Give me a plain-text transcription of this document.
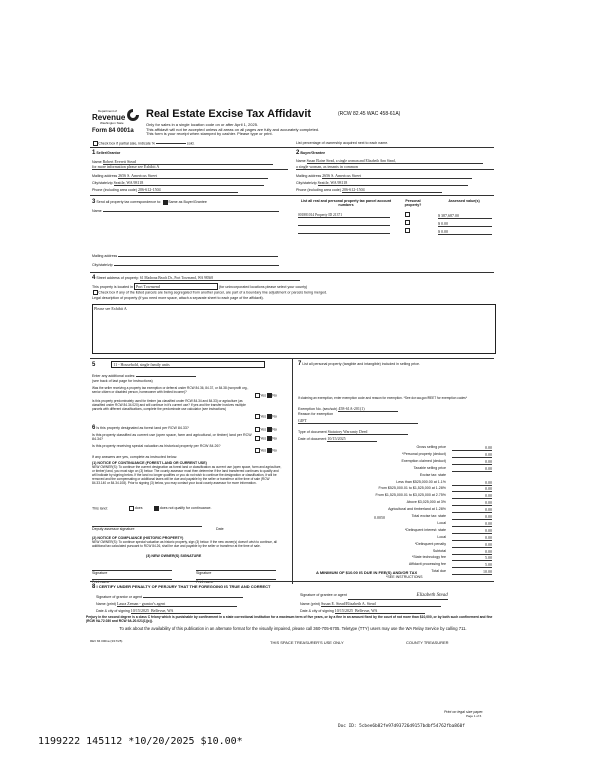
Department of
Revenue
Washington State
Form 84 0001a
Real Estate Excise Tax Affidavit	(RCW 82.45 WAC 458-61A)
Only for sales in a single location code on or after April 1, 2025.
This affidavit will not be accepted unless all areas on all pages are fully and accurately completed.
This form is your receipt when stamped by cashier. Please type or print.
Check box if partial sale, indicate %	sold.	List percentage of ownership acquired next to each name.
1 Seller/Grantor
Name Robert Everett Stead
for more information please see Exhibit A
Mailing address 2656 S. Americus Street
City/state/zip Seattle, WA 98118
Phone (including area code) 206-612-1504
2 Buyer/Grantee
Name Susan Elaine Stead, a single woman and Elizabeth Ann Stead,
a single woman, as tenants in common
Mailing address 2656 S. Americus Street
City/state/zip Seattle, WA 98118
Phone (including area code) 206-612-1504
3 Send all property tax correspondence to: Same as Buyer/Grantee
Name
Mailing address
City/state/zip
List all real and personal property tax parcel account numbers
Personal property?
Assessed value(s)
001881014 Property ID 21371	$ 387,687.00
$ 0.00
$ 0.00
4 Street address of property: 61 Madrona Beach Dr., Port Townsend, WA 98368
This property is located in Port Townsend	(for unincorporated locations please select your county)
Check box if any of the listed parcels are being segregated from another parcel, are part of a boundary line adjustment or parcels being merged.
Legal description of property (if you need more space, attach a separate sheet to each page of the affidavit).
Please see Exhibit A
5	11 - Household, single family units
Enter any additional codes:
(see back of last page for instructions)
Was the seller receiving a property tax exemption or deferral under RCW 84.36, 84.37, or 84.38 (nonprofit org., senior citizen or disabled person, homeowner with limited income)?
Yes No
Is this property predominately used for timber (as classified under RCW 84.34 and 84.33) or agriculture (as classified under RCW 84.34.020) and will continue in it's current use? If yes and the transfer involves multiple parcels with different classifications, complete the predominate use calculator (see instructions)
Yes No
6 Is this property designated as forest land per RCW 84.33?	Yes No
Is this property classified as current use (open space, farm and agricultural, or timber) land per RCW 84.34?	Yes No
Is this property receiving special valuation as historical property per RCW 84.26?
Yes No
If any answers are yes, complete as instructed below.
(1) NOTICE OF CONTINUANCE (FOREST LAND OR CURRENT USE)
NEW OWNER(S): To continue the current designation as forest land or classification as current use (open space, farm and agriculture, or timber) land, you must sign on (3) below. The county assessor must then determine if the land transferred continues to qualify and will indicate by signing below. If the land no longer qualifies or you do not wish to continue the designation or classification, it will be removed and the compensating or additional taxes will be due and payable by the seller or transferor at the time of sale (RCW 84.33.140 or 84.34.108). Prior to signing (3) below, you may contact your local county assessor for more information.
This land:	does	does not qualify for continuance.
Deputy assessor signature	Date
(2) NOTICE OF COMPLIANCE (HISTORIC PROPERTY)
NEW OWNER(S): To continue special valuation as historic property, sign (3) below. If the new owner(s) doesn't wish to continue, all additional tax calculated pursuant to RCW 84.26, shall be due and payable by the seller or transferor at the time of sale.
(3) NEW OWNER(S) SIGNATURE
Signature	Signature
Print name	Print name
7 List all personal property (tangible and intangible) included in selling price.
If claiming an exemption, enter exemption code and reason for exemption. *See dor.wa.gov/REET for exemption codes*
Exemption No. (sec/sub) 458-61A-201(1)
Reason for exemption
GIFT
Type of document Statutory Warranty Deed
Date of document 10/15/2025
Gross selling price	0.00
*Personal property (deduct)	0.00
Exemption claimed (deduct)	0.00
Taxable selling price	0.00
Excise tax: state
Less than $525,000.00 at 1.1%	0.00
From $525,000.01 to $1,525,000 at 1.28%	0.00
From $1,525,000.01 to $3,025,000 at 2.75%	0.00
Above $3,025,000 at 3%	0.00
Agricultural and timberland at 1.28%	0.00
Total excise tax: state	0.00
Local	0.00
*Delinquent interest: state	0.00
Local	0.00
*Delinquent penalty	0.00
Subtotal	0.00
*State technology fee	5.00
Affidavit processing fee	5.00
Total due	10.00
0.0050
A MINIMUM OF $10.00 IS DUE IN FEE(S) AND/OR TAX
*SEE INSTRUCTIONS
8 I CERTIFY UNDER PENALTY OF PERJURY THAT THE FOREGOING IS TRUE AND CORRECT
Signature of grantor or agent	Signature of grantee or agent	Elizabeth Stead
Name (print) Laura Zeman - grantor's agent	Name (print) Susan E. Stead/Elizabeth A. Stead
Date & city of signing 10/15/2025 Bellevue, WA	Date & city of signing 10/15/2025 Bellevue, WA
Perjury in the second degree is a class C felony which is punishable by confinement in a state correctional institution for a maximum term of five years, or by a fine in an amount fixed by the court of not more than $10,000, or by both such confinement and fine (RCW 9A.72.030 and RCW 9A.20.021(1)(c)).
To ask about the availability of this publication in an alternate format for the visually impaired, please call 360-705-6705. Teletype (TTY) users may use the WA Relay Service by calling 711.
REV 84 0001a (3/17/25)	THIS SPACE TREASURER'S USE ONLY	COUNTY TREASURER
Print on legal size paper.
Page 1 of 6
Doc ID: 5cbee6b82fe97d93726d9157bdbf54762fba860f
1199222 145112 *10/20/2025 $10.00*
